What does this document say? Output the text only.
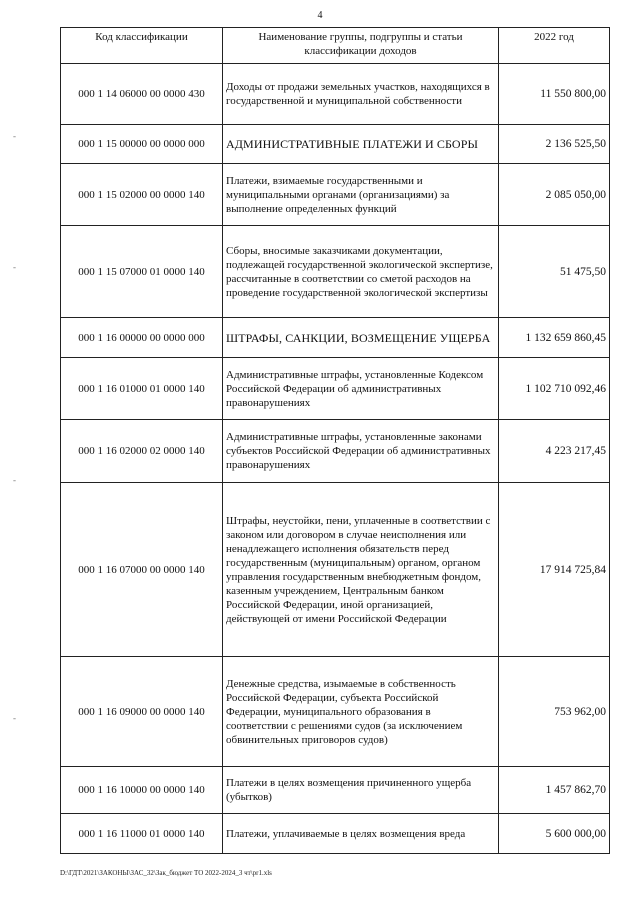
4
-
-
-
-
Код классификации	Наименование группы, подгруппы и статьи классификации доходов	2022 год
000 1 14 06000 00 0000 430	Доходы от продажи земельных участков, находящихся в государственной и муниципальной собственности	11 550 800,00
000 1 15 00000 00 0000 000	АДМИНИСТРАТИВНЫЕ ПЛАТЕЖИ И СБОРЫ	2 136 525,50
000 1 15 02000 00 0000 140	Платежи, взимаемые государственными и муниципальными органами (организациями) за выполнение определенных функций	2 085 050,00
000 1 15 07000 01 0000 140	Сборы, вносимые заказчиками документации, подлежащей государственной экологической экспертизе, рассчитанные в соответствии со сметой расходов на проведение государственной экологической экспертизы	51 475,50
000 1 16 00000 00 0000 000	ШТРАФЫ, САНКЦИИ, ВОЗМЕЩЕНИЕ УЩЕРБА	1 132 659 860,45
000 1 16 01000 01 0000 140	Административные штрафы, установленные Кодексом Российской Федерации об административных правонарушениях	1 102 710 092,46
000 1 16 02000 02 0000 140	Административные штрафы, установленные законами субъектов Российской Федерации об административных правонарушениях	4 223 217,45
000 1 16 07000 00 0000 140	Штрафы, неустойки, пени, уплаченные в соответствии с законом или договором в случае неисполнения или ненадлежащего исполнения обязательств перед государственным (муниципальным) органом, органом управления государственным внебюджетным фондом, казенным учреждением, Центральным банком Российской Федерации, иной организацией, действующей от имени Российской Федерации	17 914 725,84
000 1 16 09000 00 0000 140	Денежные средства, изымаемые в собственность Российской Федерации, субъекта Российской Федерации, муниципального образования в соответствии с решениями судов (за исключением обвинительных приговоров судов)	753 962,00
000 1 16 10000 00 0000 140	Платежи в целях возмещения причиненного ущерба (убытков)	1 457 862,70
000 1 16 11000 01 0000 140	Платежи, уплачиваемые в целях возмещения вреда	5 600 000,00
D:\ГДТ\2021\ЗАКОНЫ\ЗАС_32\Зак_бюджет ТО 2022-2024_3 чт\pr1.xls
